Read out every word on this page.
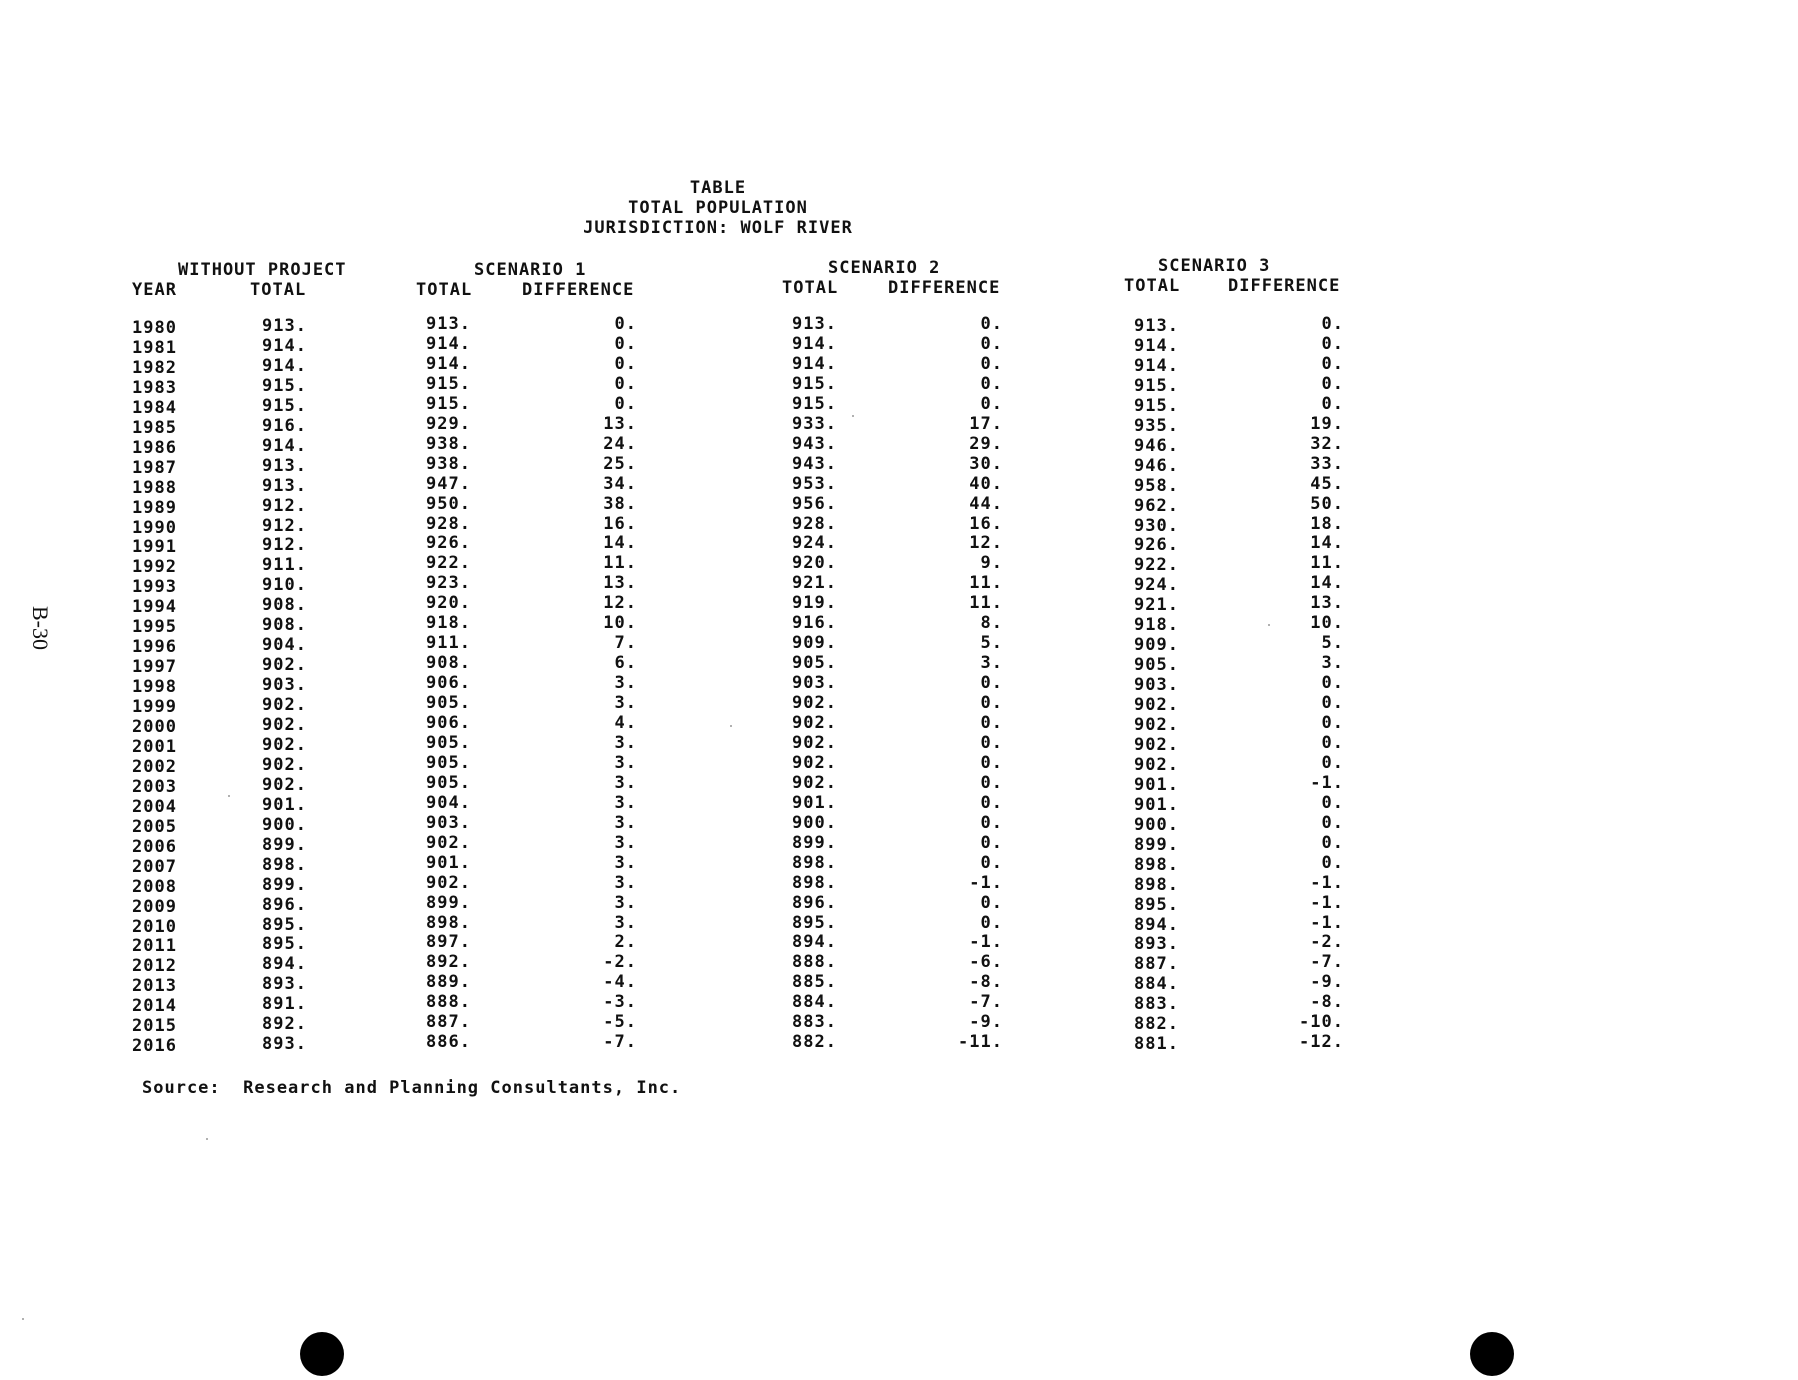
B-30
TABLE
TOTAL POPULATION
JURISDICTION: WOLF RIVER
WITHOUT PROJECT	SCENARIO 1	SCENARIO 2	SCENARIO 3
YEAR	TOTAL	TOTAL	DIFFERENCE	TOTAL	DIFFERENCE	TOTAL	DIFFERENCE
1980	913.	913.	0.	913.	0.	913.	0.
1981	914.	914.	0.	914.	0.	914.	0.
1982	914.	914.	0.	914.	0.	914.	0.
1983	915.	915.	0.	915.	0.	915.	0.
1984	915.	915.	0.	915.	0.	915.	0.
1985	916.	929.	13.	933.	17.	935.	19.
1986	914.	938.	24.	943.	29.	946.	32.
1987	913.	938.	25.	943.	30.	946.	33.
1988	913.	947.	34.	953.	40.	958.	45.
1989	912.	950.	38.	956.	44.	962.	50.
1990	912.	928.	16.	928.	16.	930.	18.
1991	912.	926.	14.	924.	12.	926.	14.
1992	911.	922.	11.	920.	9.	922.	11.
1993	910.	923.	13.	921.	11.	924.	14.
1994	908.	920.	12.	919.	11.	921.	13.
1995	908.	918.	10.	916.	8.	918.	10.
1996	904.	911.	7.	909.	5.	909.	5.
1997	902.	908.	6.	905.	3.	905.	3.
1998	903.	906.	3.	903.	0.	903.	0.
1999	902.	905.	3.	902.	0.	902.	0.
2000	902.	906.	4.	902.	0.	902.	0.
2001	902.	905.	3.	902.	0.	902.	0.
2002	902.	905.	3.	902.	0.	902.	0.
2003	902.	905.	3.	902.	0.	901.	-1.
2004	901.	904.	3.	901.	0.	901.	0.
2005	900.	903.	3.	900.	0.	900.	0.
2006	899.	902.	3.	899.	0.	899.	0.
2007	898.	901.	3.	898.	0.	898.	0.
2008	899.	902.	3.	898.	-1.	898.	-1.
2009	896.	899.	3.	896.	0.	895.	-1.
2010	895.	898.	3.	895.	0.	894.	-1.
2011	895.	897.	2.	894.	-1.	893.	-2.
2012	894.	892.	-2.	888.	-6.	887.	-7.
2013	893.	889.	-4.	885.	-8.	884.	-9.
2014	891.	888.	-3.	884.	-7.	883.	-8.
2015	892.	887.	-5.	883.	-9.	882.	-10.
2016	893.	886.	-7.	882.	-11.	881.	-12.
Source:  Research and Planning Consultants, Inc.
